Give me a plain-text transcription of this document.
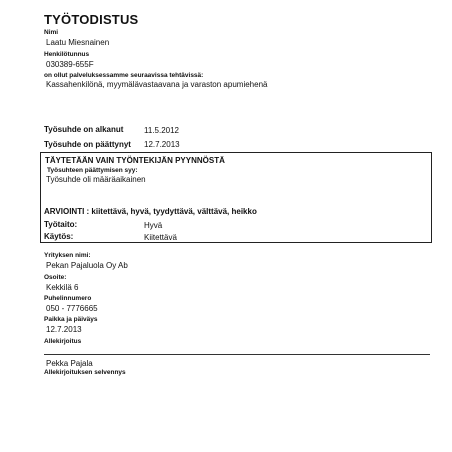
TYÖTODISTUS
Nimi
Laatu Miesnainen
Henkilötunnus
030389-655F
on ollut palveluksessamme seuraavissa tehtävissä:
Kassahenkilönä, myymälävastaavana ja varaston apumiehenä
Työsuhde on alkanut	11.5.2012
Työsuhde on päättynyt 12.7.2013
TÄYTETÄÄN VAIN TYÖNTEKIJÄN PYYNNÖSTÄ
Työsuhteen päättymisen syy:
Työsuhde oli määräaikainen
ARVIOINTI : kiitettävä, hyvä, tyydyttävä, välttävä, heikko
Työtaito:	Hyvä
Käytös:	Kiitettävä
Yrityksen nimi:
Pekan Pajaluola Oy Ab
Osoite:
Kekkilä 6
Puhelinnumero
050 - 7776665
Paikka ja päiväys
12.7.2013
Allekirjoitus
Pekka Pajala
Allekirjoituksen selvennys
